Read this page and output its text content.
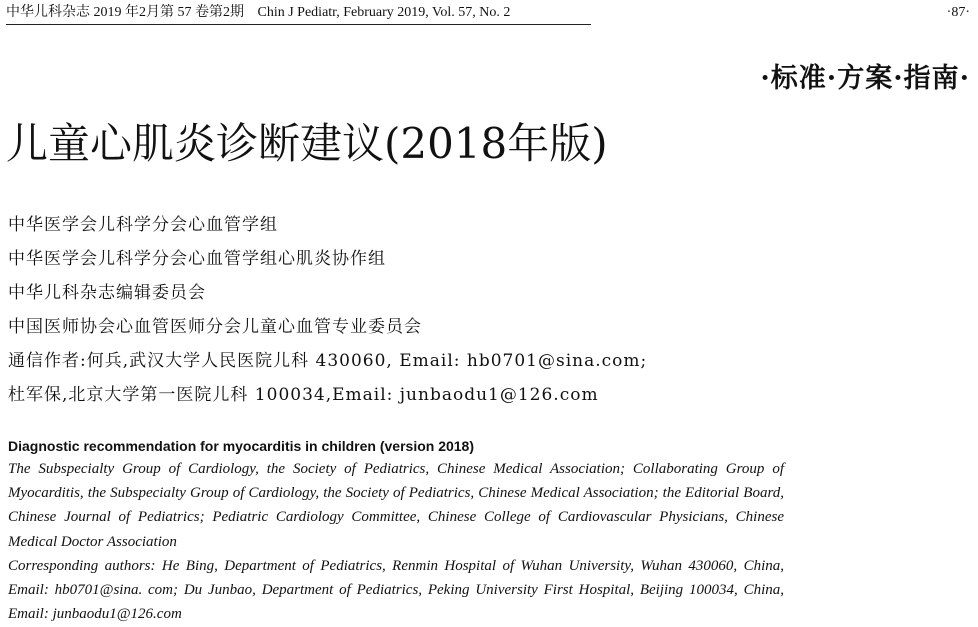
中华儿科杂志 2019 年2月第 57 卷第2期 Chin J Pediatr, February 2019, Vol. 57, No. 2	·87·
·标准·方案·指南·
儿童心肌炎诊断建议(2018年版)
中华医学会儿科学分会心血管学组
中华医学会儿科学分会心血管学组心肌炎协作组
中华儿科杂志编辑委员会
中国医师协会心血管医师分会儿童心血管专业委员会
通信作者:何兵,武汉大学人民医院儿科 430060, Email: hb0701@sina.com;
杜军保,北京大学第一医院儿科 100034,Email: junbaodu1@126.com
Diagnostic recommendation for myocarditis in children (version 2018)

The Subspecialty Group of Cardiology, the Society of Pediatrics, Chinese Medical Association; Collaborating Group of Myocarditis, the Subspecialty Group of Cardiology, the Society of Pediatrics, Chinese Medical Association; the Editorial Board, Chinese Journal of Pediatrics; Pediatric Cardiology Committee, Chinese College of Cardiovascular Physicians, Chinese Medical Doctor Association

Corresponding authors: He Bing, Department of Pediatrics, Renmin Hospital of Wuhan University, Wuhan 430060, China, Email: hb0701@sina. com; Du Junbao, Department of Pediatrics, Peking University First Hospital, Beijing 100034, China, Email: junbaodu1@126.com
